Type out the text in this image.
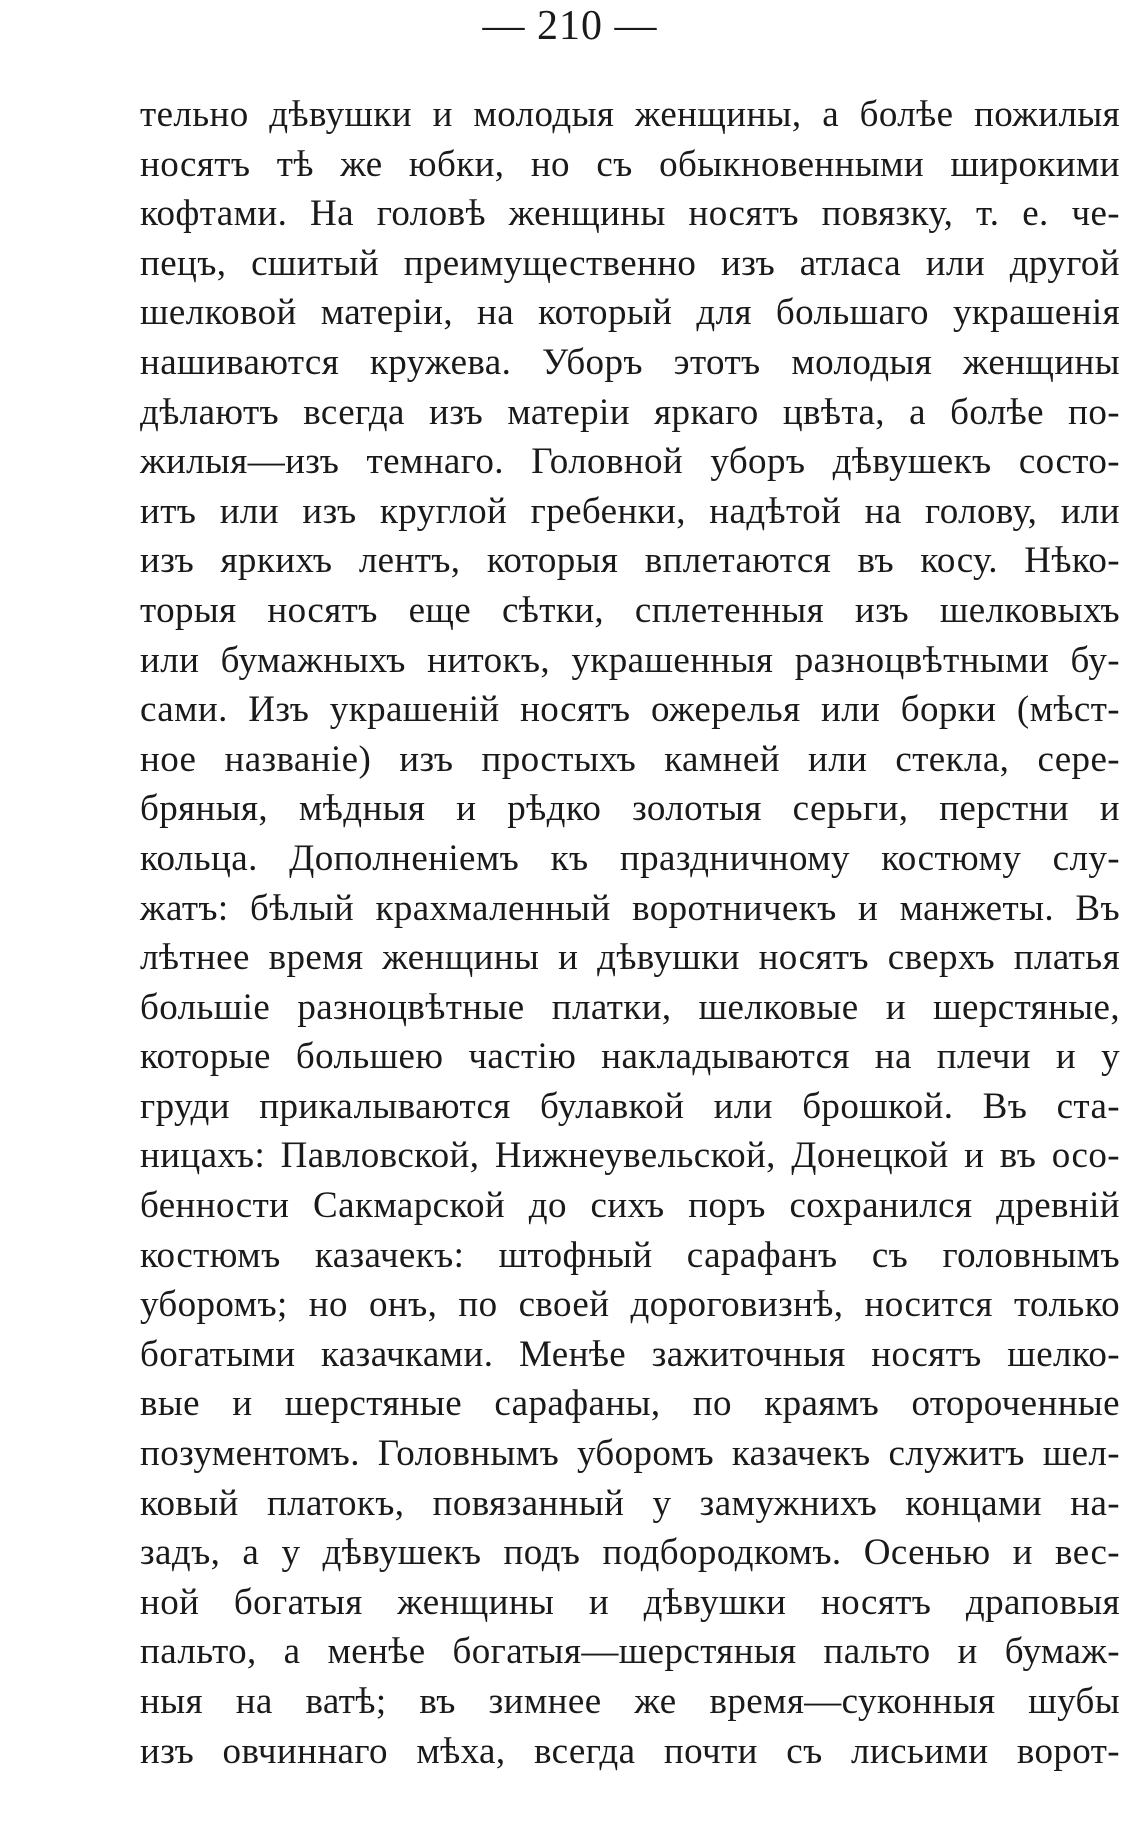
— 210 —
тельно дѣвушки и молодыя женщины, а болѣе пожилыя
носятъ тѣ же юбки, но съ обыкновенными широкими
кофтами. На головѣ женщины носятъ повязку, т. е. че-
пецъ, сшитый преимущественно изъ атласа или другой
шелковой матеріи, на который для большаго украшенія
нашиваются кружева. Уборъ этотъ молодыя женщины
дѣлаютъ всегда изъ матеріи яркаго цвѣта, а болѣе по-
жилыя—изъ темнаго. Головной уборъ дѣвушекъ состо-
итъ или изъ круглой гребенки, надѣтой на голову, или
изъ яркихъ лентъ, которыя вплетаются въ косу. Нѣко-
торыя носятъ еще сѣтки, сплетенныя изъ шелковыхъ
или бумажныхъ нитокъ, украшенныя разноцвѣтными бу-
сами. Изъ украшеній носятъ ожерелья или борки (мѣст-
ное названіе) изъ простыхъ камней или стекла, сере-
бряныя, мѣдныя и рѣдко золотыя серьги, перстни и
кольца. Дополненіемъ къ праздничному костюму слу-
жатъ: бѣлый крахмаленный воротничекъ и манжеты. Въ
лѣтнее время женщины и дѣвушки носятъ сверхъ платья
большіе разноцвѣтные платки, шелковые и шерстяные,
которые большею частію накладываются на плечи и у
груди прикалываются булавкой или брошкой. Въ ста-
ницахъ: Павловской, Нижнеувельской, Донецкой и въ осо-
бенности Сакмарской до сихъ поръ сохранился древній
костюмъ казачекъ: штофный сарафанъ съ головнымъ
уборомъ; но онъ, по своей дороговизнѣ, носится только
богатыми казачками. Менѣе зажиточныя носятъ шелко-
вые и шерстяные сарафаны, по краямъ отороченные
позументомъ. Головнымъ уборомъ казачекъ служитъ шел-
ковый платокъ, повязанный у замужнихъ концами на-
задъ, а у дѣвушекъ подъ подбородкомъ. Осенью и вес-
ной богатыя женщины и дѣвушки носятъ драповыя
пальто, а менѣе богатыя—шерстяныя пальто и бумаж-
ныя на ватѣ; въ зимнее же время—суконныя шубы
изъ овчиннаго мѣха, всегда почти съ лисьими ворот-
